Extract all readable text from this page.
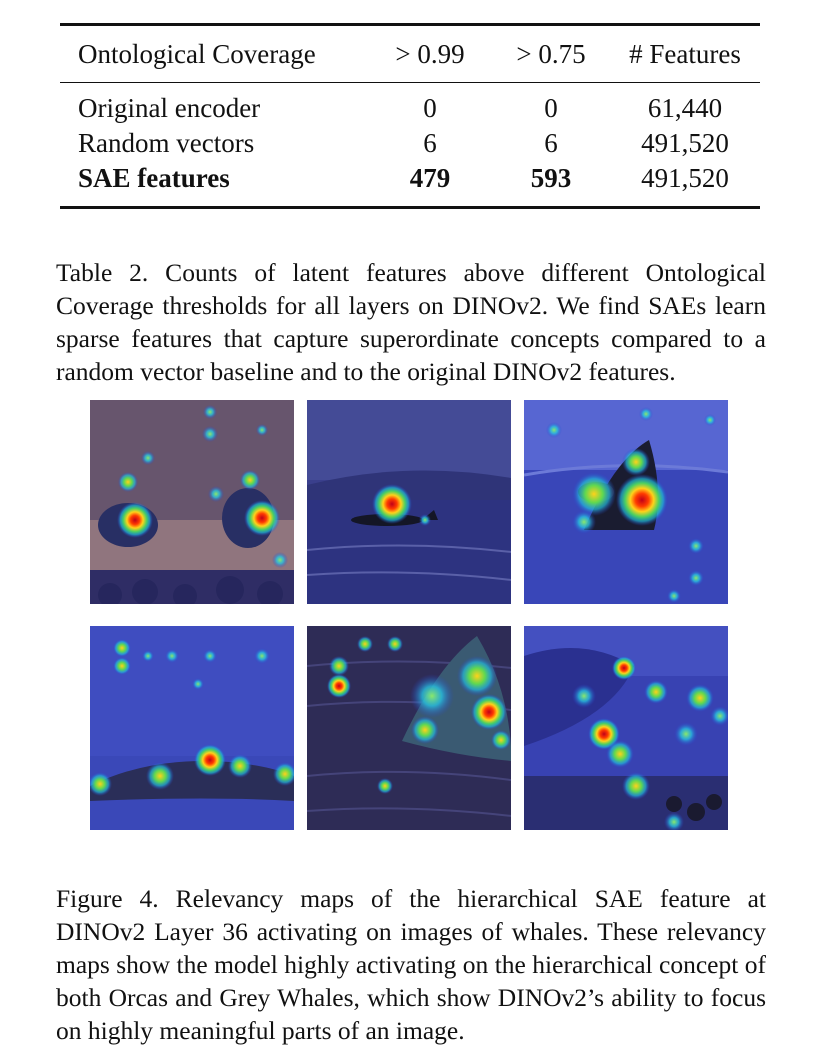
Ontological Coverage	> 0.99	> 0.75	# Features
Original encoder	0	0	61,440
Random vectors	6	6	491,520
SAE features	479	593	491,520

Table 2. Counts of latent features above different Ontological Coverage thresholds for all layers on DINOv2. We find SAEs learn sparse features that capture superordinate concepts compared to a random vector baseline and to the original DINOv2 features.

Figure 4. Relevancy maps of the hierarchical SAE feature at DINOv2 Layer 36 activating on images of whales. These relevancy maps show the model highly activating on the hierarchical concept of both Orcas and Grey Whales, which show DINOv2’s ability to focus on highly meaningful parts of an image.
